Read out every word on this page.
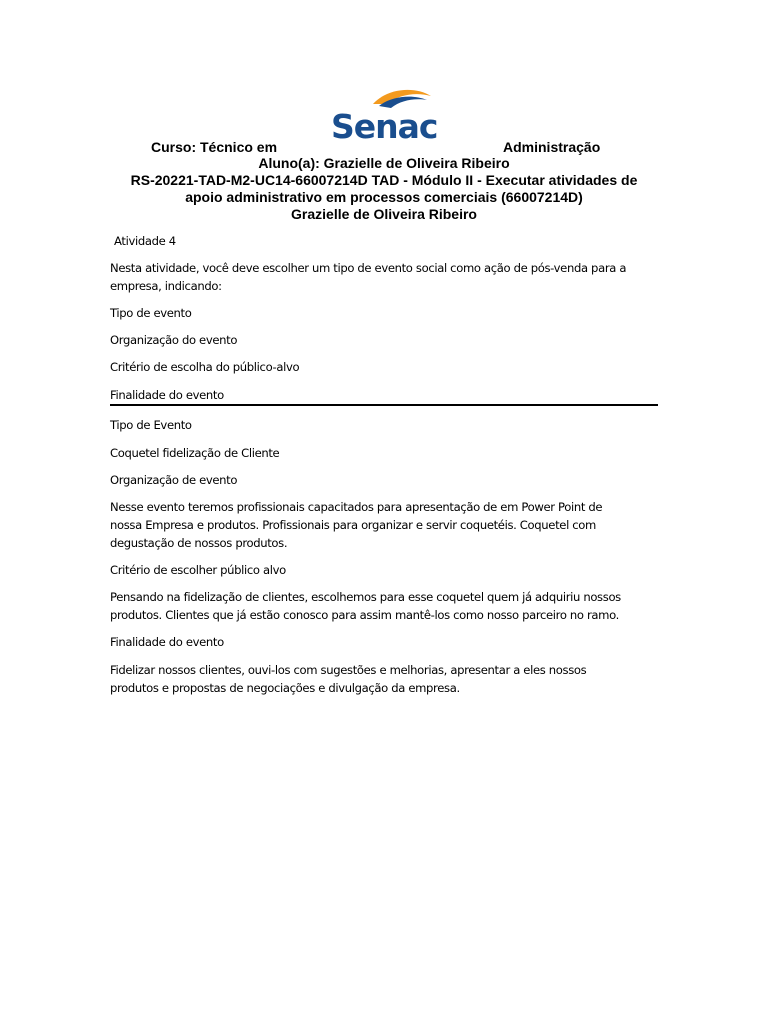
Senac
Curso: Técnico em	Administração
Aluno(a): Grazielle de Oliveira Ribeiro
RS-20221-TAD-M2-UC14-66007214D TAD - Módulo II - Executar atividades de
apoio administrativo em processos comerciais (66007214D)
Grazielle de Oliveira Ribeiro
Atividade 4
Nesta atividade, você deve escolher um tipo de evento social como ação de pós-venda para a
empresa, indicando:
Tipo de evento
Organização do evento
Critério de escolha do público-alvo
Finalidade do evento
Tipo de Evento
Coquetel fidelização de Cliente
Organização de evento
Nesse evento teremos profissionais capacitados para apresentação de em Power Point de
nossa Empresa e produtos. Profissionais para organizar e servir coquetéis. Coquetel com
degustação de nossos produtos.
Critério de escolher público alvo
Pensando na fidelização de clientes, escolhemos para esse coquetel quem já adquiriu nossos
produtos. Clientes que já estão conosco para assim mantê-los como nosso parceiro no ramo.
Finalidade do evento
Fidelizar nossos clientes, ouvi-los com sugestões e melhorias, apresentar a eles nossos
produtos e propostas de negociações e divulgação da empresa.
